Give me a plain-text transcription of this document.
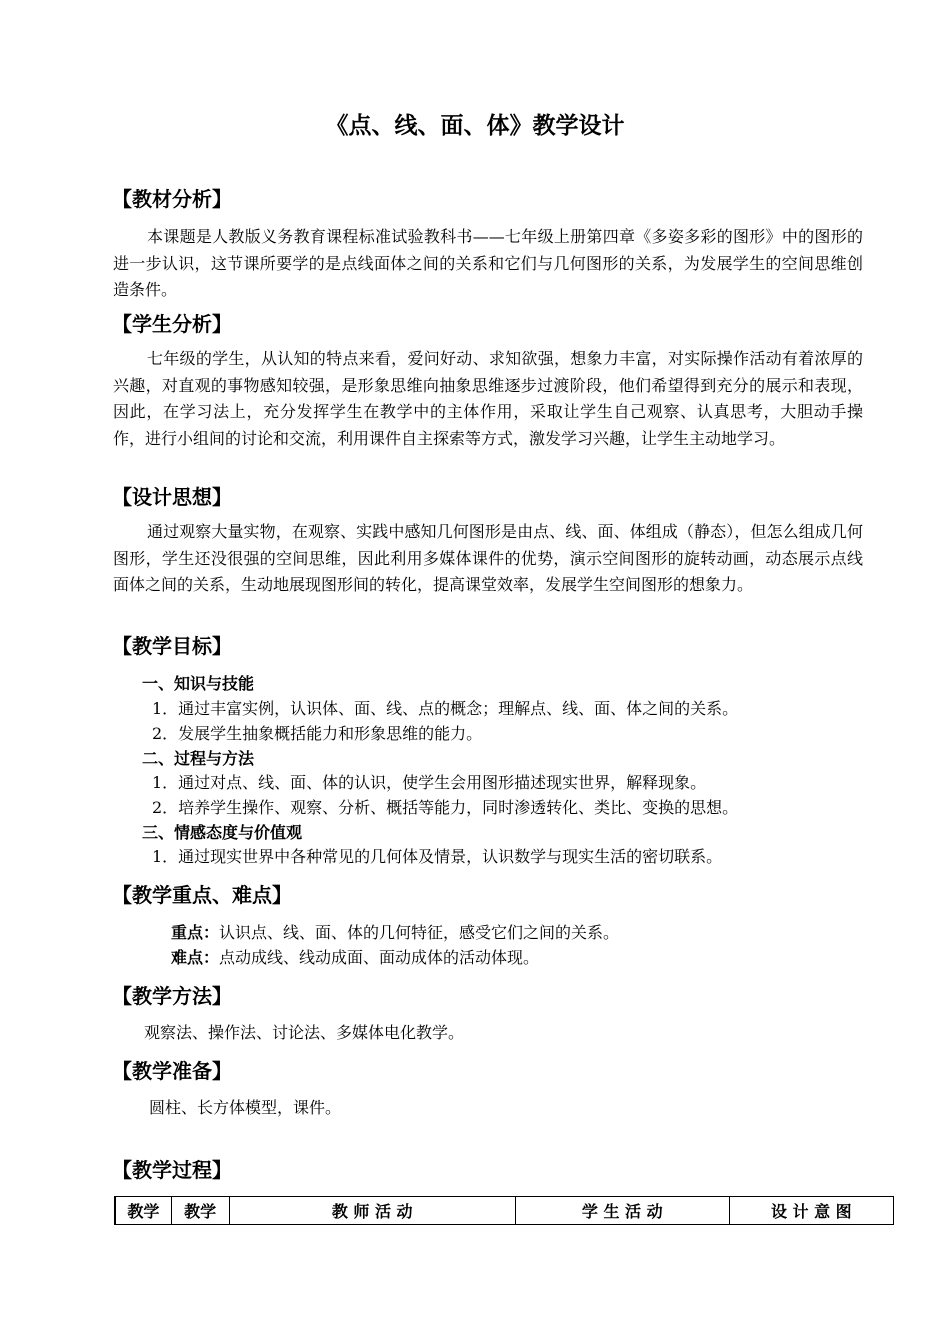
《点、线、面、体》教学设计
【教材分析】
本课题是人教版义务教育课程标准试验教科书——七年级上册第四章《多姿多彩的图形》中的图形的进一步认识，这节课所要学的是点线面体之间的关系和它们与几何图形的关系，为发展学生的空间思维创造条件。
【学生分析】
七年级的学生，从认知的特点来看，爱问好动、求知欲强，想象力丰富，对实际操作活动有着浓厚的兴趣，对直观的事物感知较强，是形象思维向抽象思维逐步过渡阶段，他们希望得到充分的展示和表现，因此，在学习法上，充分发挥学生在教学中的主体作用，采取让学生自己观察、认真思考，大胆动手操作，进行小组间的讨论和交流，利用课件自主探索等方式，激发学习兴趣，让学生主动地学习。
【设计思想】
通过观察大量实物，在观察、实践中感知几何图形是由点、线、面、体组成（静态），但怎么组成几何图形，学生还没很强的空间思维，因此利用多媒体课件的优势，演示空间图形的旋转动画，动态展示点线面体之间的关系，生动地展现图形间的转化，提高课堂效率，发展学生空间图形的想象力。
【教学目标】
一、知识与技能
1．通过丰富实例，认识体、面、线、点的概念；理解点、线、面、体之间的关系。
2．发展学生抽象概括能力和形象思维的能力。
二、过程与方法
1．通过对点、线、面、体的认识，使学生会用图形描述现实世界，解释现象。
2．培养学生操作、观察、分析、概括等能力，同时渗透转化、类比、变换的思想。
三、情感态度与价值观
1．通过现实世界中各种常见的几何体及情景，认识数学与现实生活的密切联系。
【教学重点、难点】
重点：认识点、线、面、体的几何特征，感受它们之间的关系。
难点：点动成线、线动成面、面动成体的活动体现。
【教学方法】
观察法、操作法、讨论法、多媒体电化教学。
【教学准备】
圆柱、长方体模型，课件。
【教学过程】
教学	教学	教 师 活 动	学 生 活 动	设 计 意 图
